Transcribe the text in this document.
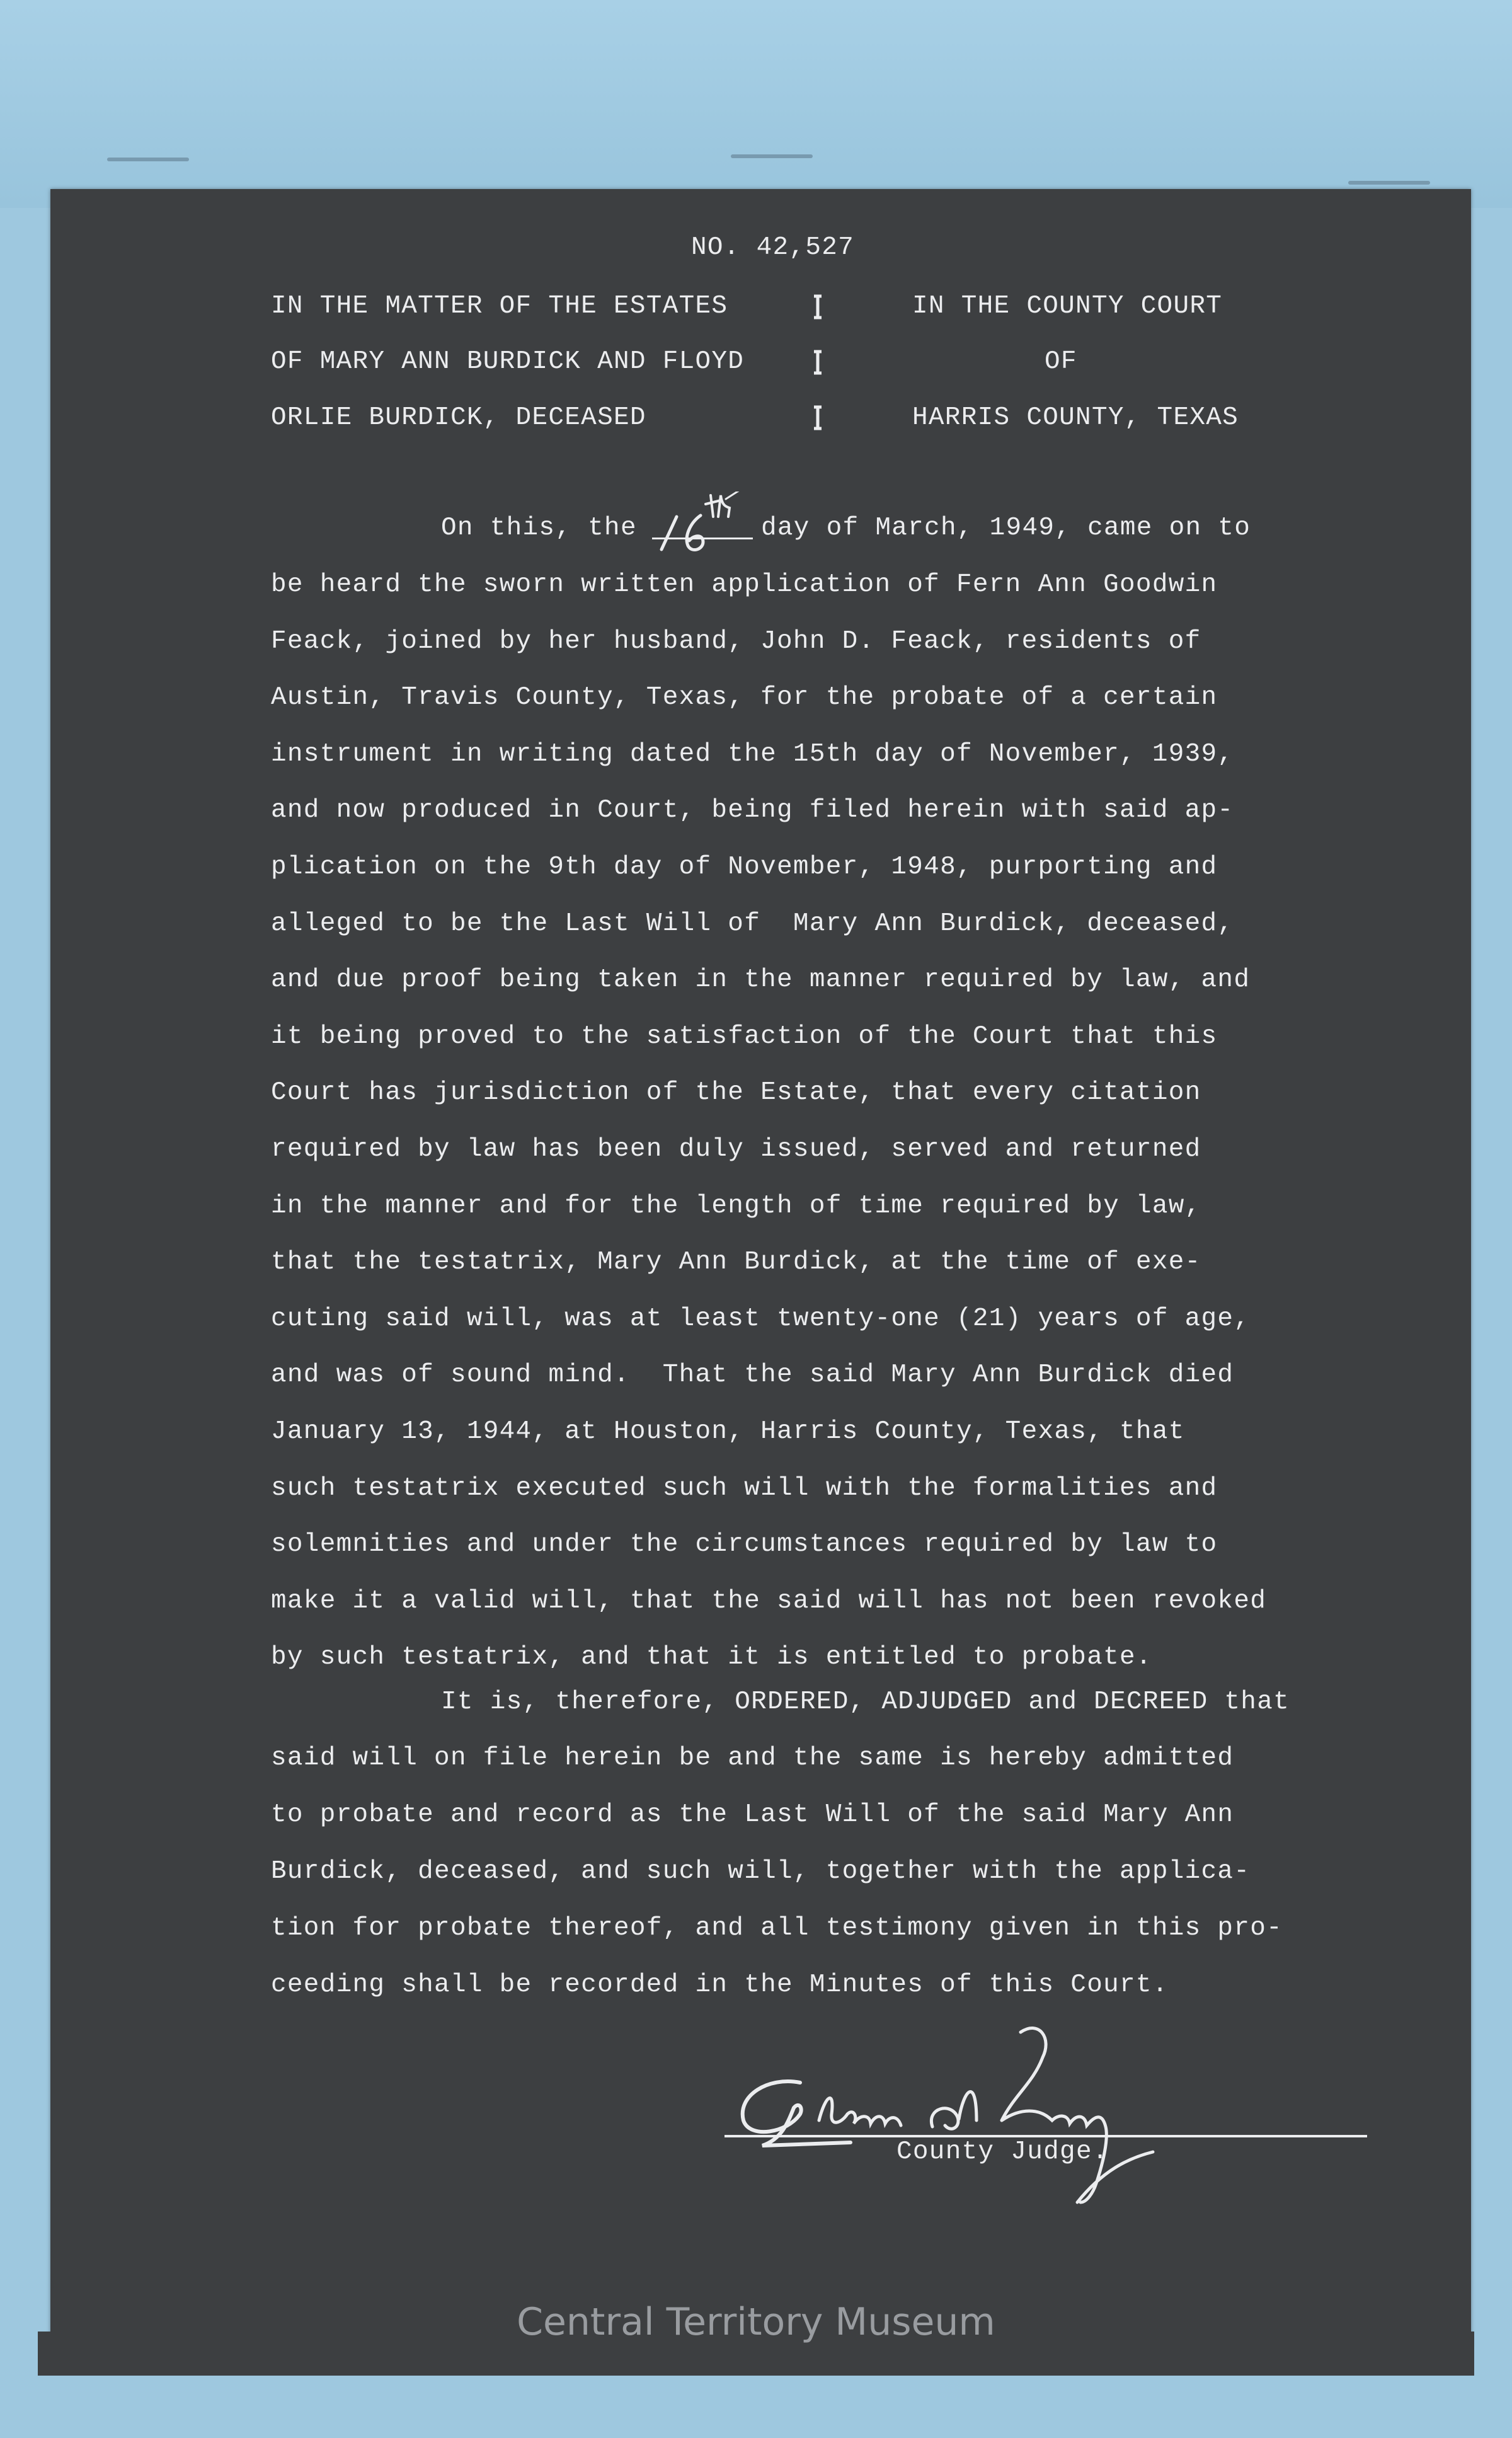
NO. 42,527
IN THE MATTER OF THE ESTATES
OF MARY ANN BURDICK AND FLOYD
ORLIE BURDICK, DECEASED
IN THE COUNTY COURT
OF
HARRIS COUNTY, TEXAS
On this, the	day of March, 1949, came on to
be heard the sworn written application of Fern Ann Goodwin
Feack, joined by her husband, John D. Feack, residents of
Austin, Travis County, Texas, for the probate of a certain
instrument in writing dated the 15th day of November, 1939,
and now produced in Court, being filed herein with said ap-
plication on the 9th day of November, 1948, purporting and
alleged to be the Last Will of  Mary Ann Burdick, deceased,
and due proof being taken in the manner required by law, and
it being proved to the satisfaction of the Court that this
Court has jurisdiction of the Estate, that every citation
required by law has been duly issued, served and returned
in the manner and for the length of time required by law,
that the testatrix, Mary Ann Burdick, at the time of exe-
cuting said will, was at least twenty-one (21) years of age,
and was of sound mind.  That the said Mary Ann Burdick died
January 13, 1944, at Houston, Harris County, Texas, that
such testatrix executed such will with the formalities and
solemnities and under the circumstances required by law to
make it a valid will, that the said will has not been revoked
by such testatrix, and that it is entitled to probate.
It is, therefore, ORDERED, ADJUDGED and DECREED that
said will on file herein be and the same is hereby admitted
to probate and record as the Last Will of the said Mary Ann
Burdick, deceased, and such will, together with the applica-
tion for probate thereof, and all testimony given in this pro-
ceeding shall be recorded in the Minutes of this Court.
County Judge.
Central Territory Museum
